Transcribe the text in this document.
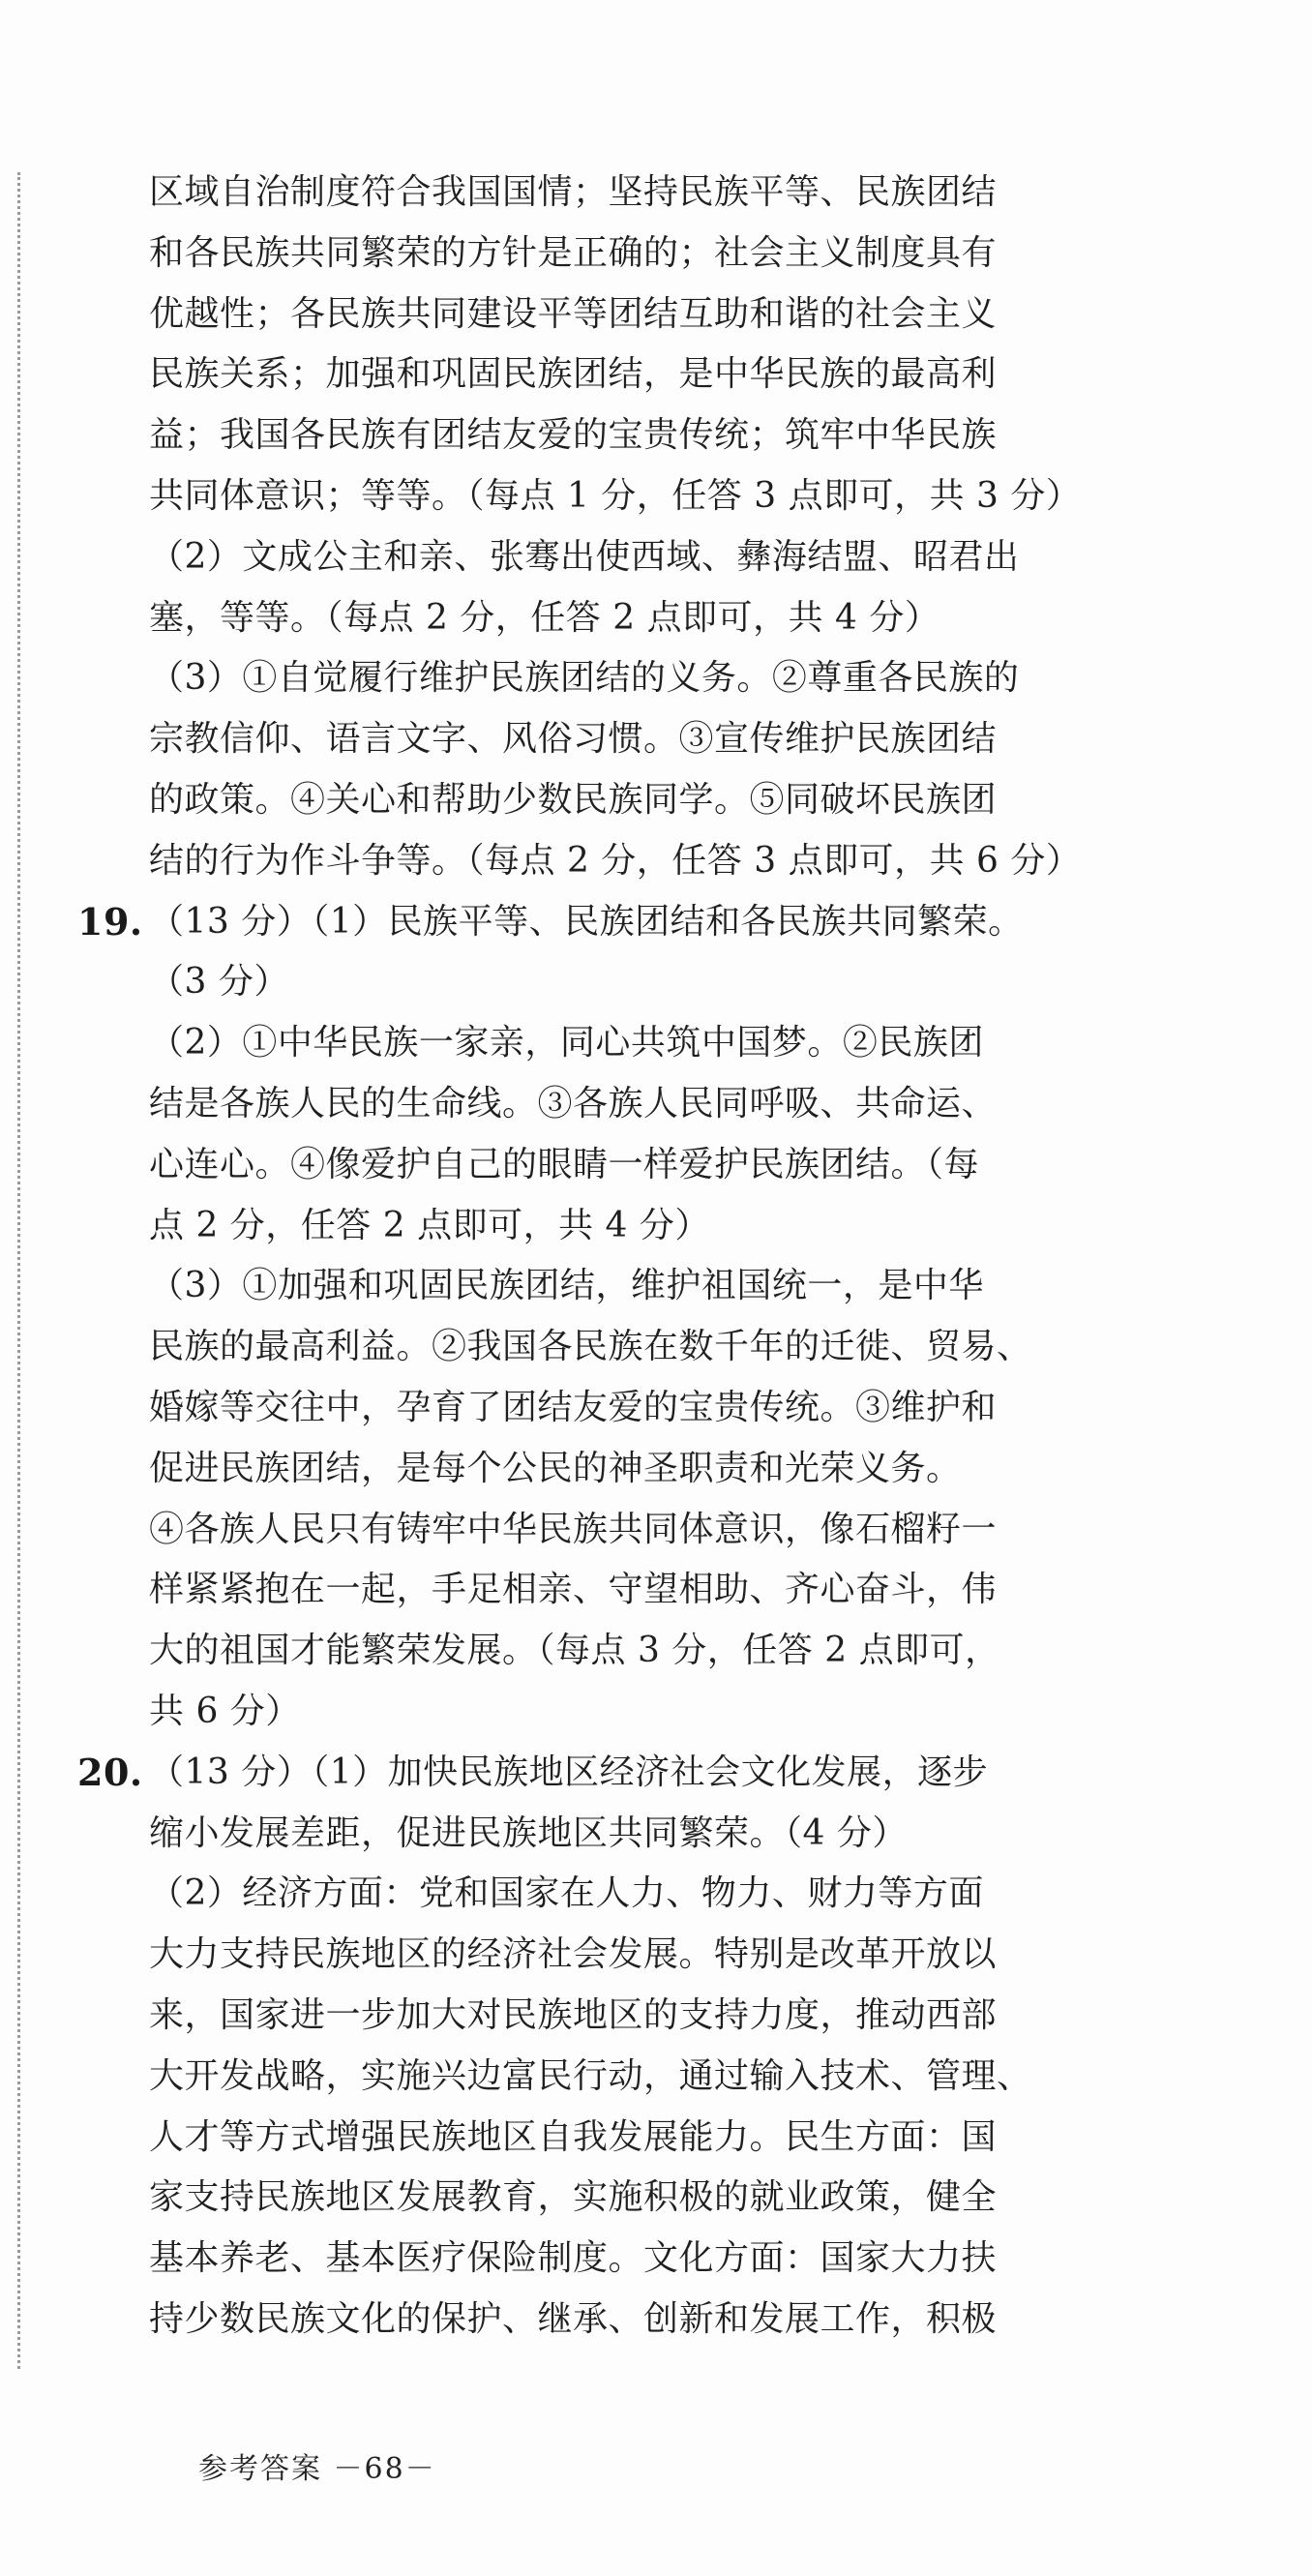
区域自治制度符合我国国情；坚持民族平等、民族团结
和各民族共同繁荣的方针是正确的；社会主义制度具有
优越性；各民族共同建设平等团结互助和谐的社会主义
民族关系；加强和巩固民族团结，是中华民族的最高利
益；我国各民族有团结友爱的宝贵传统；筑牢中华民族
共同体意识；等等。（每点 1 分，任答 3 点即可，共 3 分）
（2）文成公主和亲、张骞出使西域、彝海结盟、昭君出
塞，等等。（每点 2 分，任答 2 点即可，共 4 分）
（3）①自觉履行维护民族团结的义务。②尊重各民族的
宗教信仰、语言文字、风俗习惯。③宣传维护民族团结
的政策。④关心和帮助少数民族同学。⑤同破坏民族团
结的行为作斗争等。（每点 2 分，任答 3 点即可，共 6 分）
19. （13 分）（1）民族平等、民族团结和各民族共同繁荣。
（3 分）
（2）①中华民族一家亲，同心共筑中国梦。②民族团
结是各族人民的生命线。③各族人民同呼吸、共命运、
心连心。④像爱护自己的眼睛一样爱护民族团结。（每
点 2 分，任答 2 点即可，共 4 分）
（3）①加强和巩固民族团结，维护祖国统一，是中华
民族的最高利益。②我国各民族在数千年的迁徙、贸易、
婚嫁等交往中，孕育了团结友爱的宝贵传统。③维护和
促进民族团结，是每个公民的神圣职责和光荣义务。
④各族人民只有铸牢中华民族共同体意识，像石榴籽一
样紧紧抱在一起，手足相亲、守望相助、齐心奋斗，伟
大的祖国才能繁荣发展。（每点 3 分，任答 2 点即可，
共 6 分）
20. （13 分）（1）加快民族地区经济社会文化发展，逐步
缩小发展差距，促进民族地区共同繁荣。（4 分）
（2）经济方面：党和国家在人力、物力、财力等方面
大力支持民族地区的经济社会发展。特别是改革开放以
来，国家进一步加大对民族地区的支持力度，推动西部
大开发战略，实施兴边富民行动，通过输入技术、管理、
人才等方式增强民族地区自我发展能力。民生方面：国
家支持民族地区发展教育，实施积极的就业政策，健全
基本养老、基本医疗保险制度。文化方面：国家大力扶
持少数民族文化的保护、继承、创新和发展工作，积极
参考答案 －68－
